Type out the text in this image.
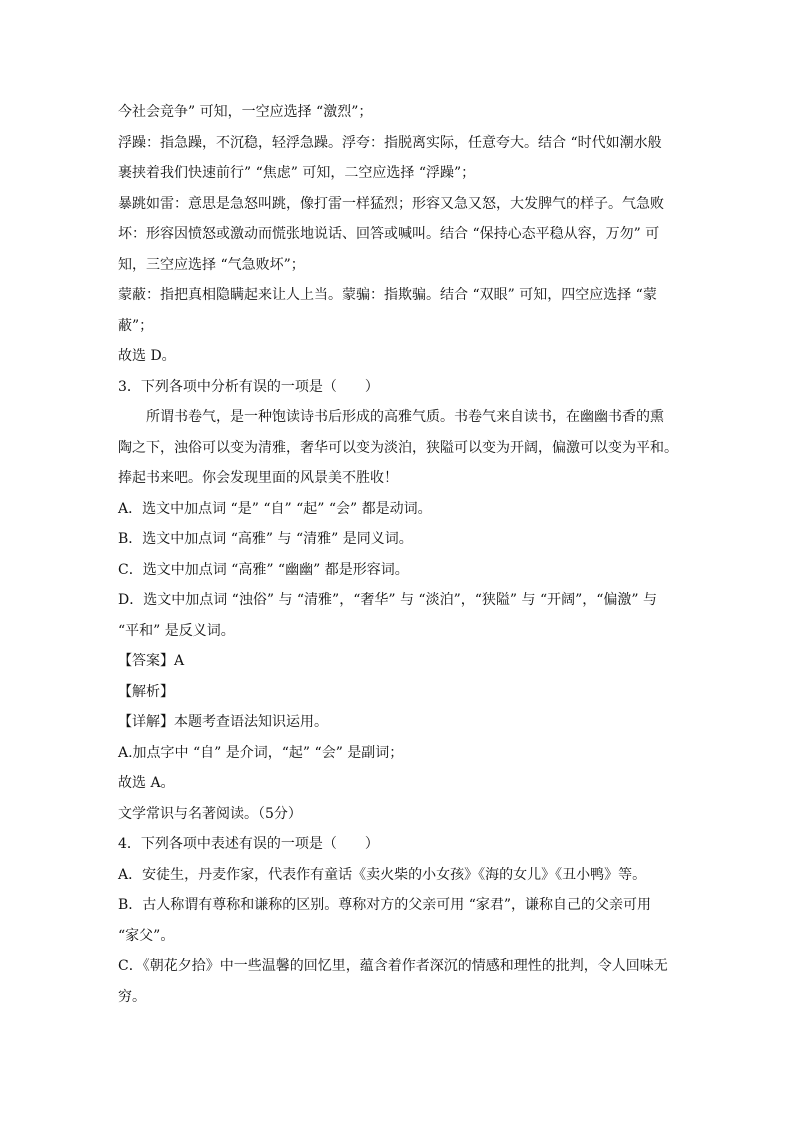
今社会竞争” 可知，一空应选择 “激烈”；

浮躁：指急躁，不沉稳，轻浮急躁。浮夸：指脱离实际，任意夸大。结合 “时代如潮水般

裹挟着我们快速前行” “焦虑” 可知，二空应选择 “浮躁”；

暴跳如雷：意思是急怒叫跳，像打雷一样猛烈；形容又急又怒，大发脾气的样子。气急败

坏：形容因愤怒或激动而慌张地说话、回答或喊叫。结合 “保持心态平稳从容，万勿” 可

知，三空应选择 “气急败坏”；

蒙蔽：指把真相隐瞒起来让人上当。蒙骗：指欺骗。结合 “双眼” 可知，四空应选择 “蒙

蔽”；

故选 D。

3．下列各项中分析有误的一项是（　　）

所谓书卷气，是一种饱读诗书后形成的高雅气质。书卷气来自读书，在幽幽书香的熏

陶之下，浊俗可以变为清雅，奢华可以变为淡泊，狭隘可以变为开阔，偏激可以变为平和。

捧起书来吧。你会发现里面的风景美不胜收！

A．选文中加点词 “是” “自” “起” “会” 都是动词。

B．选文中加点词 “高雅” 与 “清雅” 是同义词。

C．选文中加点词 “高雅” “幽幽” 都是形容词。

D．选文中加点词 “浊俗” 与 “清雅”，“奢华” 与 “淡泊”，“狭隘” 与 “开阔”，“偏激” 与

“平和” 是反义词。

【答案】A

【解析】

【详解】本题考查语法知识运用。

A.加点字中 “自” 是介词，“起” “会” 是副词；

故选 A。

文学常识与名著阅读。（5分）

4．下列各项中表述有误的一项是（　　）

A．安徒生，丹麦作家，代表作有童话《卖火柴的小女孩》《海的女儿》《丑小鸭》等。

B．古人称谓有尊称和谦称的区别。尊称对方的父亲可用 “家君”，谦称自己的父亲可用

“家父”。

C．《朝花夕拾》中一些温馨的回忆里，蕴含着作者深沉的情感和理性的批判，令人回味无

穷。
